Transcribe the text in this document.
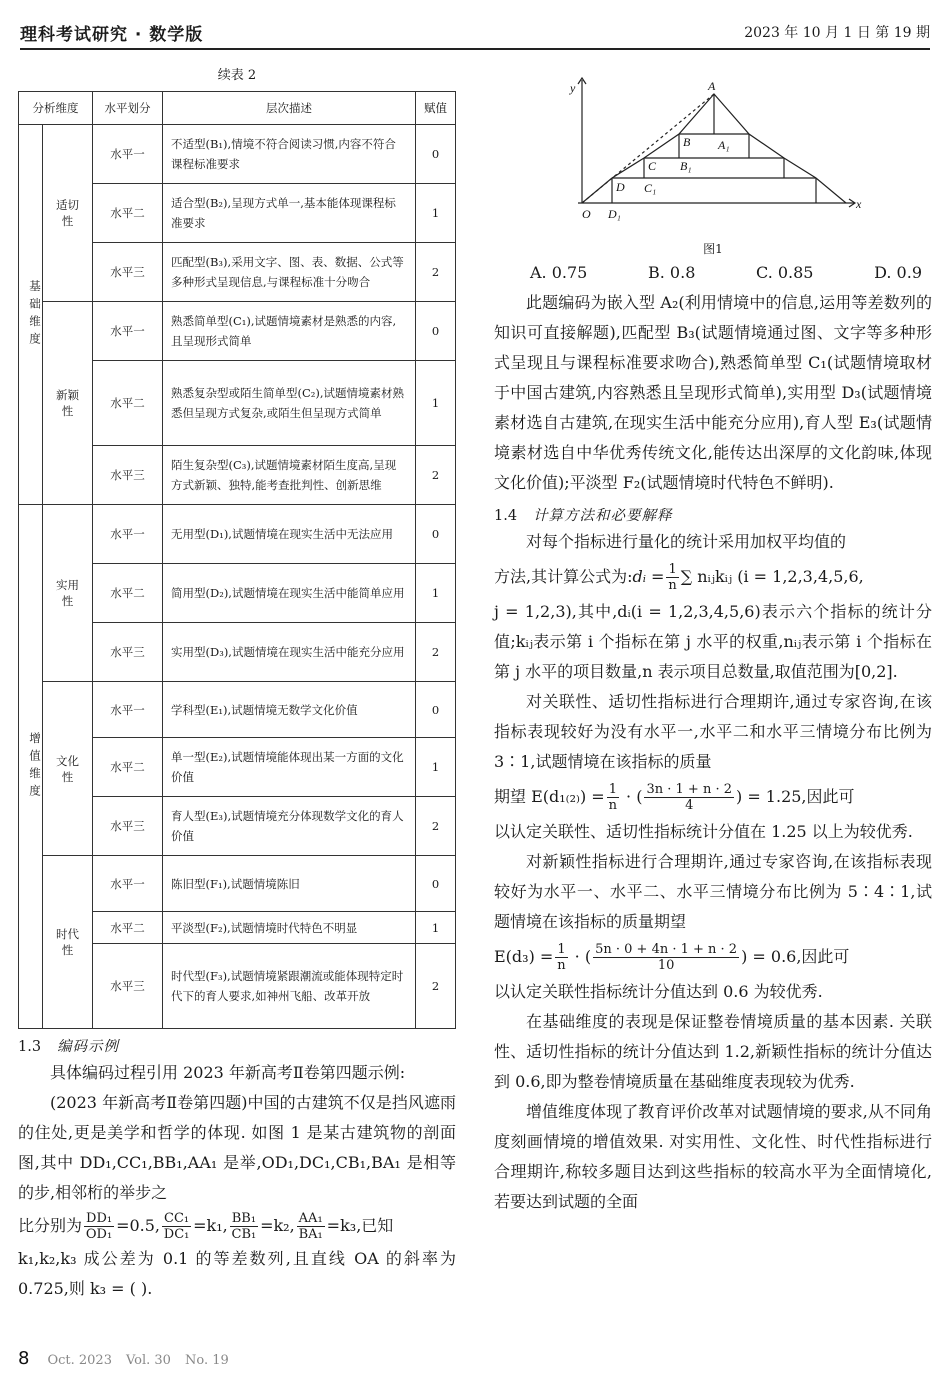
理科考试研究 · 数学版	2023 年 10 月 1 日 第 19 期
续表 2
分析维度		水平划分	层次描述	赋值

基础维度	适切性	水平一	不适型(B₁),情境不符合阅读习惯,内容不符合课程标准要求	0
		水平二	适合型(B₂),呈现方式单一,基本能体现课程标准要求	1
		水平三	匹配型(B₃),采用文字、图、表、数据、公式等多种形式呈现信息,与课程标准十分吻合	2
	新颖性	水平一	熟悉简单型(C₁),试题情境素材是熟悉的内容,且呈现形式简单	0
		水平二	熟悉复杂型或陌生简单型(C₂),试题情境素材熟悉但呈现方式复杂,或陌生但呈现方式简单	1
		水平三	陌生复杂型(C₃),试题情境素材陌生度高,呈现方式新颖、独特,能考查批判性、创新思维	2

增值维度	实用性	水平一	无用型(D₁),试题情境在现实生活中无法应用	0
		水平二	简用型(D₂),试题情境在现实生活中能简单应用	1
		水平三	实用型(D₃),试题情境在现实生活中能充分应用	2
	文化性	水平一	学科型(E₁),试题情境无数学文化价值	0
		水平二	单一型(E₂),试题情境能体现出某一方面的文化价值	1
		水平三	育人型(E₃),试题情境充分体现数学文化的育人价值	2
	时代性	水平一	陈旧型(F₁),试题情境陈旧	0
		水平二	平淡型(F₂),试题情境时代特色不明显	1
		水平三	时代型(F₃),试题情境紧跟潮流或能体现特定时代下的育人要求,如神州飞船、改革开放	2
1.3 编码示例

具体编码过程引用 2023 年新高考Ⅱ卷第四题示例:

(2023 年新高考Ⅱ卷第四题)中国的古建筑不仅是挡风遮雨的住处,更是美学和哲学的体现. 如图 1 是某古建筑物的剖面图,其中 DD₁,CC₁,BB₁,AA₁ 是举,OD₁,DC₁,CB₁,BA₁ 是相等的步,相邻桁的举步之

比分别为 $\frac{\text{DD₁}}{\text{OD₁}} =0.5$, $\frac{\text{CC₁}}{\text{DC₁}} =k_1$, $\frac{\text{BB₁}}{\text{CB₁}} =k_2$, $\frac{\text{AA₁}}{\text{BA₁}} =k_3$,已知

k₁,k₂,k₃ 成公差为 0.1 的等差数列,且直线 OA 的斜率为 0.725,则 k₃ = ( ).

y	A
B A₁
C B₁
D C₁
O D₁
x
图1
A. 0.75	B. 0.8	C. 0.85	D. 0.9

此题编码为嵌入型 A₂(利用情境中的信息,运用等差数列的知识可直接解题),匹配型 B₃(试题情境通过图、文字等多种形式呈现且与课程标准要求吻合),熟悉简单型 C₁(试题情境取材于中国古建筑,内容熟悉且呈现形式简单),实用型 D₃(试题情境素材选自古建筑,在现实生活中能充分应用),育人型 E₃(试题情境素材选自中华优秀传统文化,能传达出深厚的文化韵味,体现文化价值);平淡型 F₂(试题情境时代特色不鲜明).

1.4 计算方法和必要解释

对每个指标进行量化的统计采用加权平均值的

方法,其计算公式为:dᵢ = $\frac{1}{n}$ ∑ nᵢⱼkᵢⱼ (i = 1,2,3,4,5,6,

j = 1,2,3),其中,dᵢ(i = 1,2,3,4,5,6)表示六个指标的统计分值;kᵢⱼ表示第 i 个指标在第 j 水平的权重,nᵢⱼ表示第 i 个指标在第 j 水平的项目数量,n 表示项目总数量,取值范围为[0,2].

对关联性、适切性指标进行合理期许,通过专家咨询,在该指标表现较好为没有水平一,水平二和水平三情境分布比例为 3∶1,试题情境在该指标的质量

期望 $E(d_{1(2)}) = \frac{1}{n}$ · ( $\frac{3n \cdot 1 + n \cdot 2}{4}$ ) = 1.25,因此可

以认定关联性、适切性指标统计分值在 1.25 以上为较优秀.

对新颖性指标进行合理期许,通过专家咨询,在该指标表现较好为水平一、水平二、水平三情境分布比例为 5∶4∶1,试题情境在该指标的质量期望

$E(d_3) = \frac{1}{n}$ · ( $\frac{5n \cdot 0 + 4n \cdot 1 + n \cdot 2}{10}$ ) = 0.6,因此可

以认定关联性指标统计分值达到 0.6 为较优秀.

在基础维度的表现是保证整卷情境质量的基本因素. 关联性、适切性指标的统计分值达到 1.2,新颖性指标的统计分值达到 0.6,即为整卷情境质量在基础维度表现较为优秀.

增值维度体现了教育评价改革对试题情境的要求,从不同角度刻画情境的增值效果. 对实用性、文化性、时代性指标进行合理期许,称较多题目达到这些指标的较高水平为全面情境化,若要达到试题的全面

8 Oct. 2023 Vol. 30 No. 19
